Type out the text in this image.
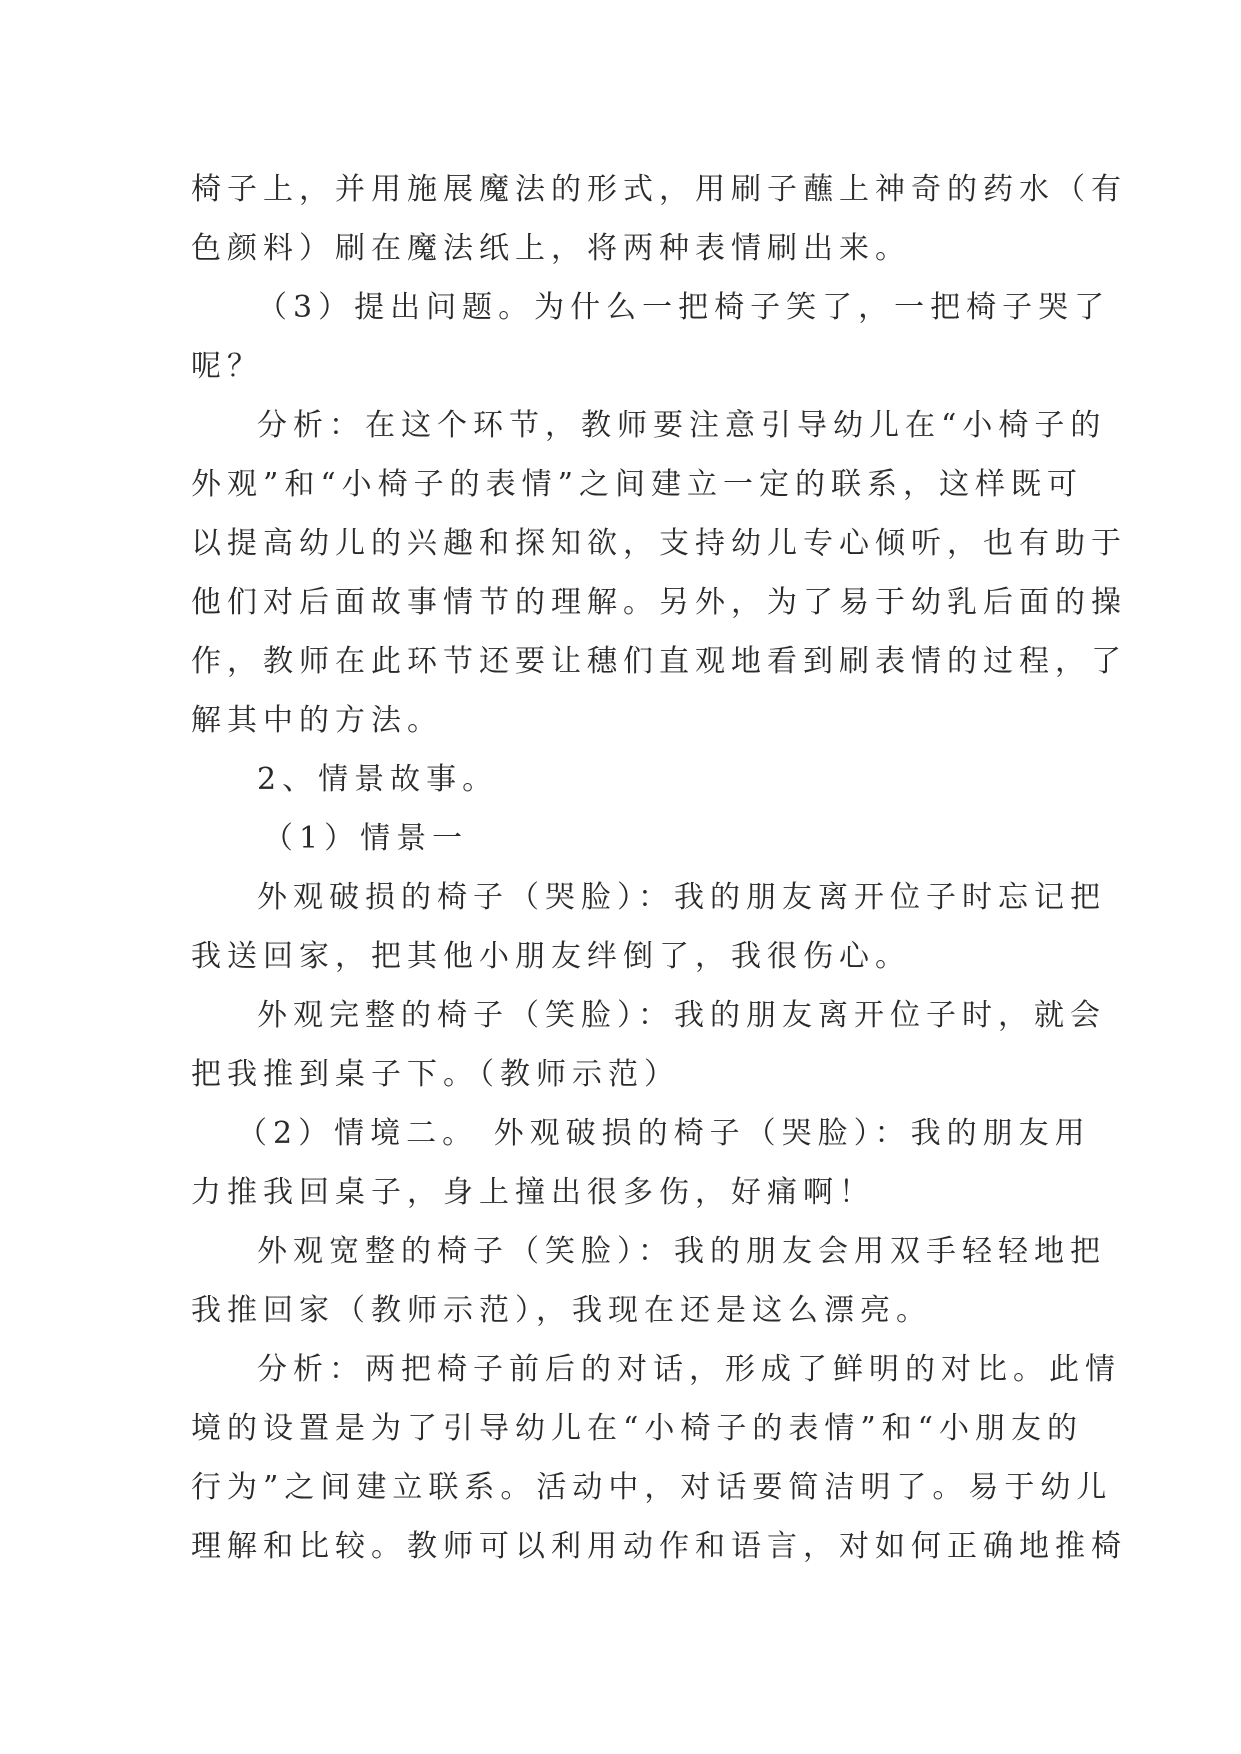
椅子上，并用施展魔法的形式，用刷子蘸上神奇的药水（有
色颜料）刷在魔法纸上，将两种表情刷出来。
（3）提出问题。为什么一把椅子笑了，一把椅子哭了
呢？
分析：在这个环节，教师要注意引导幼儿在“小椅子的
外观”和“小椅子的表情”之间建立一定的联系，这样既可
以提高幼儿的兴趣和探知欲，支持幼儿专心倾听，也有助于
他们对后面故事情节的理解。另外，为了易于幼乳后面的操
作，教师在此环节还要让穗们直观地看到刷表情的过程，了
解其中的方法。
2、情景故事。
（1）情景一
外观破损的椅子（哭脸）：我的朋友离开位子时忘记把
我送回家，把其他小朋友绊倒了，我很伤心。
外观完整的椅子（笑脸）：我的朋友离开位子时，就会
把我推到桌子下。（教师示范）
（2）情境二。 外观破损的椅子（哭脸）：我的朋友用
力推我回桌子，身上撞出很多伤，好痛啊！
外观宽整的椅子（笑脸）：我的朋友会用双手轻轻地把
我推回家（教师示范），我现在还是这么漂亮。
分析：两把椅子前后的对话，形成了鲜明的对比。此情
境的设置是为了引导幼儿在“小椅子的表情”和“小朋友的
行为”之间建立联系。活动中，对话要简洁明了。易于幼儿
理解和比较。教师可以利用动作和语言，对如何正确地推椅
